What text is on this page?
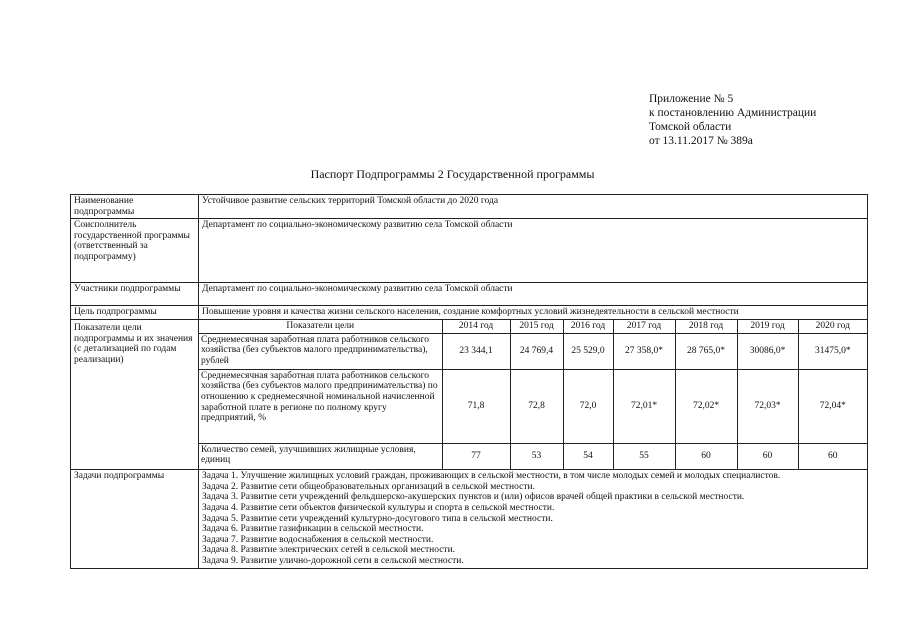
Приложение № 5
к постановлению Администрации
Томской области
от 13.11.2017 № 389а
Паспорт Подпрограммы 2 Государственной программы
Наименование подпрограммы	Устойчивое развитие сельских территорий Томской области до 2020 года
Соисполнитель государственной программы (ответственный за подпрограмму)	Департамент по социально-экономическому развитию села Томской области
Участники подпрограммы	Департамент по социально-экономическому развитию села Томской области
Цель подпрограммы	Повышение уровня и качества жизни сельского населения, создание комфортных условий жизнедеятельности в сельской местности
Показатели цели подпрограммы и их значения (с детализацией по годам реализации)	
Показатели цели	2014 год	2015 год	2016 год	2017 год	2018 год	2019 год	2020 год
Среднемесячная заработная плата работников сельского хозяйства (без субъектов малого предпринимательства), рублей	23 344,1	24 769,4	25 529,0	27 358,0*	28 765,0*	30086,0*	31475,0*
Среднемесячная заработная плата работников сельского хозяйства (без субъектов малого предпринимательства) по отношению к среднемесячной номинальной начисленной заработной плате в регионе по полному кругу предприятий, %	71,8	72,8	72,0	72,01*	72,02*	72,03*	72,04*
Количество семей, улучшивших жилищные условия, единиц	77	53	54	55	60	60	60

Задачи подпрограммы	Задача 1. Улучшение жилищных условий граждан, проживающих в сельской местности, в том числе молодых семей и молодых специалистов.
Задача 2. Развитие сети общеобразовательных организаций в сельской местности.
Задача 3. Развитие сети учреждений фельдшерско-акушерских пунктов и (или) офисов врачей общей практики в сельской местности.
Задача 4. Развитие сети объектов физической культуры и спорта в сельской местности.
Задача 5. Развитие сети учреждений культурно-досугового типа в сельской местности.
Задача 6. Развитие газификации в сельской местности.
Задача 7. Развитие водоснабжения в сельской местности.
Задача 8. Развитие электрических сетей в сельской местности.
Задача 9. Развитие улично-дорожной сети в сельской местности.
